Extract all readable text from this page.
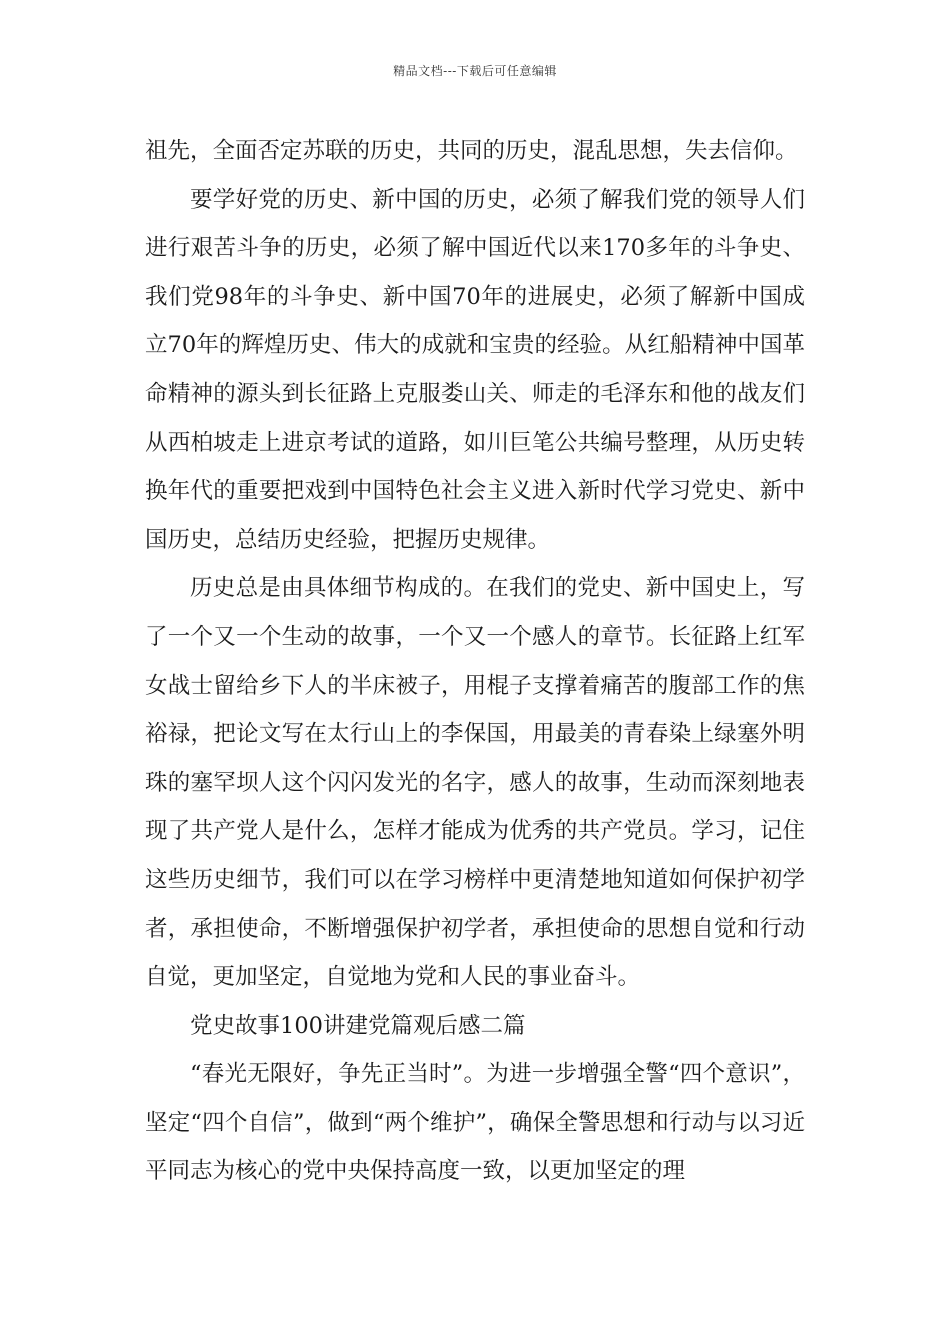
精品文档---下载后可任意编辑

祖先，全面否定苏联的历史，共同的历史，混乱思想，失去信仰。

要学好党的历史、新中国的历史，必须了解我们党的领导人们进行艰苦斗争的历史，必须了解中国近代以来170多年的斗争史、我们党98年的斗争史、新中国70年的进展史，必须了解新中国成立70年的辉煌历史、伟大的成就和宝贵的经验。从红船精神中国革命精神的源头到长征路上克服娄山关、师走的毛泽东和他的战友们从西柏坡走上进京考试的道路，如川巨笔公共编号整理，从历史转换年代的重要把戏到中国特色社会主义进入新时代学习党史、新中国历史，总结历史经验，把握历史规律。

历史总是由具体细节构成的。在我们的党史、新中国史上，写了一个又一个生动的故事，一个又一个感人的章节。长征路上红军女战士留给乡下人的半床被子，用棍子支撑着痛苦的腹部工作的焦裕禄，把论文写在太行山上的李保国，用最美的青春染上绿塞外明珠的塞罕坝人这个闪闪发光的名字，感人的故事，生动而深刻地表现了共产党人是什么，怎样才能成为优秀的共产党员。学习，记住这些历史细节，我们可以在学习榜样中更清楚地知道如何保护初学者，承担使命，不断增强保护初学者，承担使命的思想自觉和行动自觉，更加坚定，自觉地为党和人民的事业奋斗。

党史故事100讲建党篇观后感二篇

“春光无限好，争先正当时”。为进一步增强全警“四个意识”，坚定“四个自信”，做到“两个维护”，确保全警思想和行动与以习近平同志为核心的党中央保持高度一致，以更加坚定的理
